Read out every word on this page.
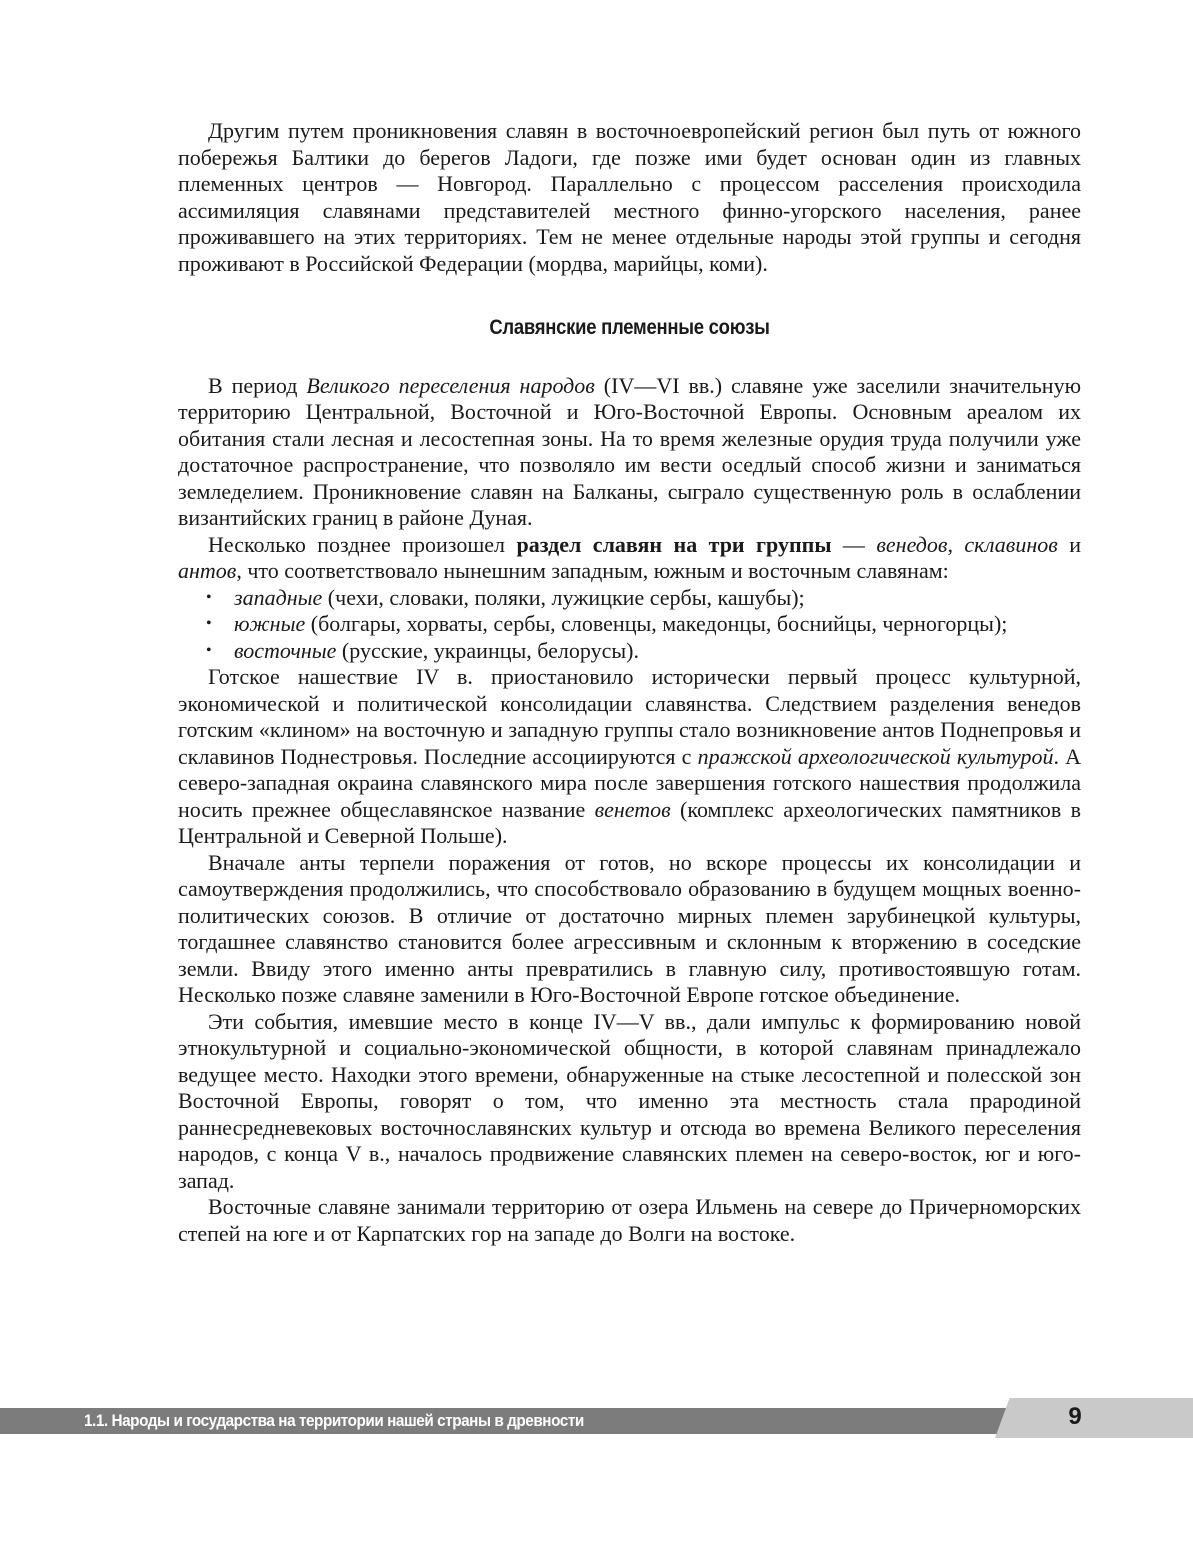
Другим путем проникновения славян в восточноевропейский регион был путь от южного побережья Балтики до берегов Ладоги, где позже ими будет основан один из главных племенных центров — Новгород. Параллельно с процессом расселения происходила ассимиляция славянами представителей местного финно-угорского населения, ранее проживавшего на этих территориях. Тем не менее отдельные народы этой группы и сегодня проживают в Российской Федерации (мордва, марийцы, коми).

Славянские племенные союзы

В период Великого переселения народов (IV—VI вв.) славяне уже заселили значительную территорию Центральной, Восточной и Юго-Восточной Европы. Основным ареалом их обитания стали лесная и лесостепная зоны. На то время железные орудия труда получили уже достаточное распространение, что позволяло им вести оседлый способ жизни и заниматься земледелием. Проникновение славян на Балканы, сыграло существенную роль в ослаблении византийских границ в районе Дуная.

Несколько позднее произошел раздел славян на три группы — венедов, склавинов и антов, что соответствовало нынешним западным, южным и восточным славянам:

• западные (чехи, словаки, поляки, лужицкие сербы, кашубы);
• южные (болгары, хорваты, сербы, словенцы, македонцы, боснийцы, черногорцы);
• восточные (русские, украинцы, белорусы).

Готское нашествие IV в. приостановило исторически первый процесс культурной, экономической и политической консолидации славянства. Следствием разделения венедов готским «клином» на восточную и западную группы стало возникновение антов Поднепровья и склавинов Поднестровья. Последние ассоциируются с пражской археологической культурой. А северо-западная окраина славянского мира после завершения готского нашествия продолжила носить прежнее общеславянское название венетов (комплекс археологических памятников в Центральной и Северной Польше).

Вначале анты терпели поражения от готов, но вскоре процессы их консолидации и самоутверждения продолжились, что способствовало образованию в будущем мощных военно-политических союзов. В отличие от достаточно мирных племен зарубинецкой культуры, тогдашнее славянство становится более агрессивным и склонным к вторжению в соседские земли. Ввиду этого именно анты превратились в главную силу, противостоявшую готам. Несколько позже славяне заменили в Юго-Восточной Европе готское объединение.

Эти события, имевшие место в конце IV—V вв., дали импульс к формированию новой этнокультурной и социально-экономической общности, в которой славянам принадлежало ведущее место. Находки этого времени, обнаруженные на стыке лесостепной и полесской зон Восточной Европы, говорят о том, что именно эта местность стала прародиной раннесредневековых восточнославянских культур и отсюда во времена Великого переселения народов, с конца V в., началось продвижение славянских племен на северо-восток, юг и юго-запад.

Восточные славяне занимали территорию от озера Ильмень на севере до Причерноморских степей на юге и от Карпатских гор на западе до Волги на востоке.

1.1. Народы и государства на территории нашей страны в древности	9
